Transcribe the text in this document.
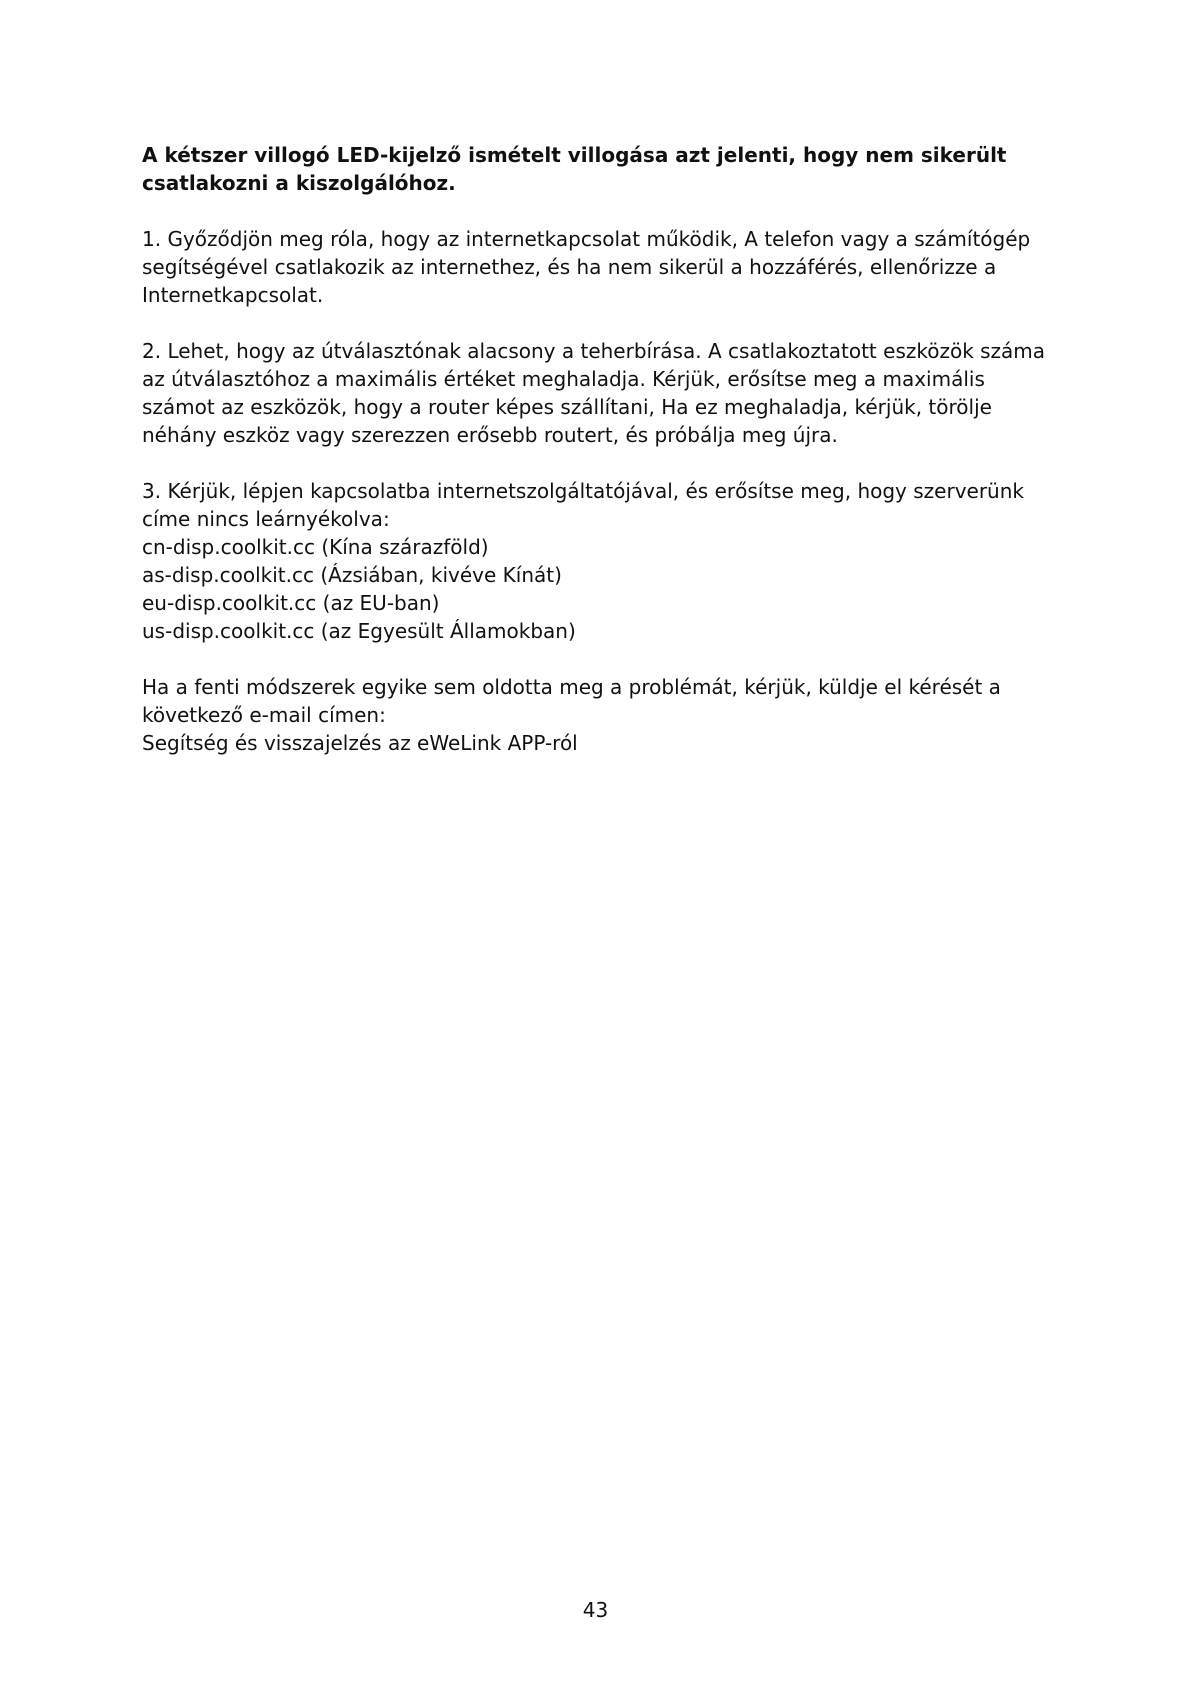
A kétszer villogó LED-kijelző ismételt villogása azt jelenti, hogy nem sikerült
csatlakozni a kiszolgálóhoz.
1. Győződjön meg róla, hogy az internetkapcsolat működik, A telefon vagy a számítógép
segítségével csatlakozik az internethez, és ha nem sikerül a hozzáférés, ellenőrizze a
Internetkapcsolat.
2. Lehet, hogy az útválasztónak alacsony a teherbírása. A csatlakoztatott eszközök száma
az útválasztóhoz a maximális értéket meghaladja. Kérjük, erősítse meg a maximális
számot az eszközök, hogy a router képes szállítani, Ha ez meghaladja, kérjük, törölje
néhány eszköz vagy szerezzen erősebb routert, és próbálja meg újra.
3. Kérjük, lépjen kapcsolatba internetszolgáltatójával, és erősítse meg, hogy szerverünk
címe nincs leárnyékolva:
cn-disp.coolkit.cc (Kína szárazföld)
as-disp.coolkit.cc (Ázsiában, kivéve Kínát)
eu-disp.coolkit.cc (az EU-ban)
us-disp.coolkit.cc (az Egyesült Államokban)
Ha a fenti módszerek egyike sem oldotta meg a problémát, kérjük, küldje el kérését a
következő e-mail címen:
Segítség és visszajelzés az eWeLink APP-ról
43
